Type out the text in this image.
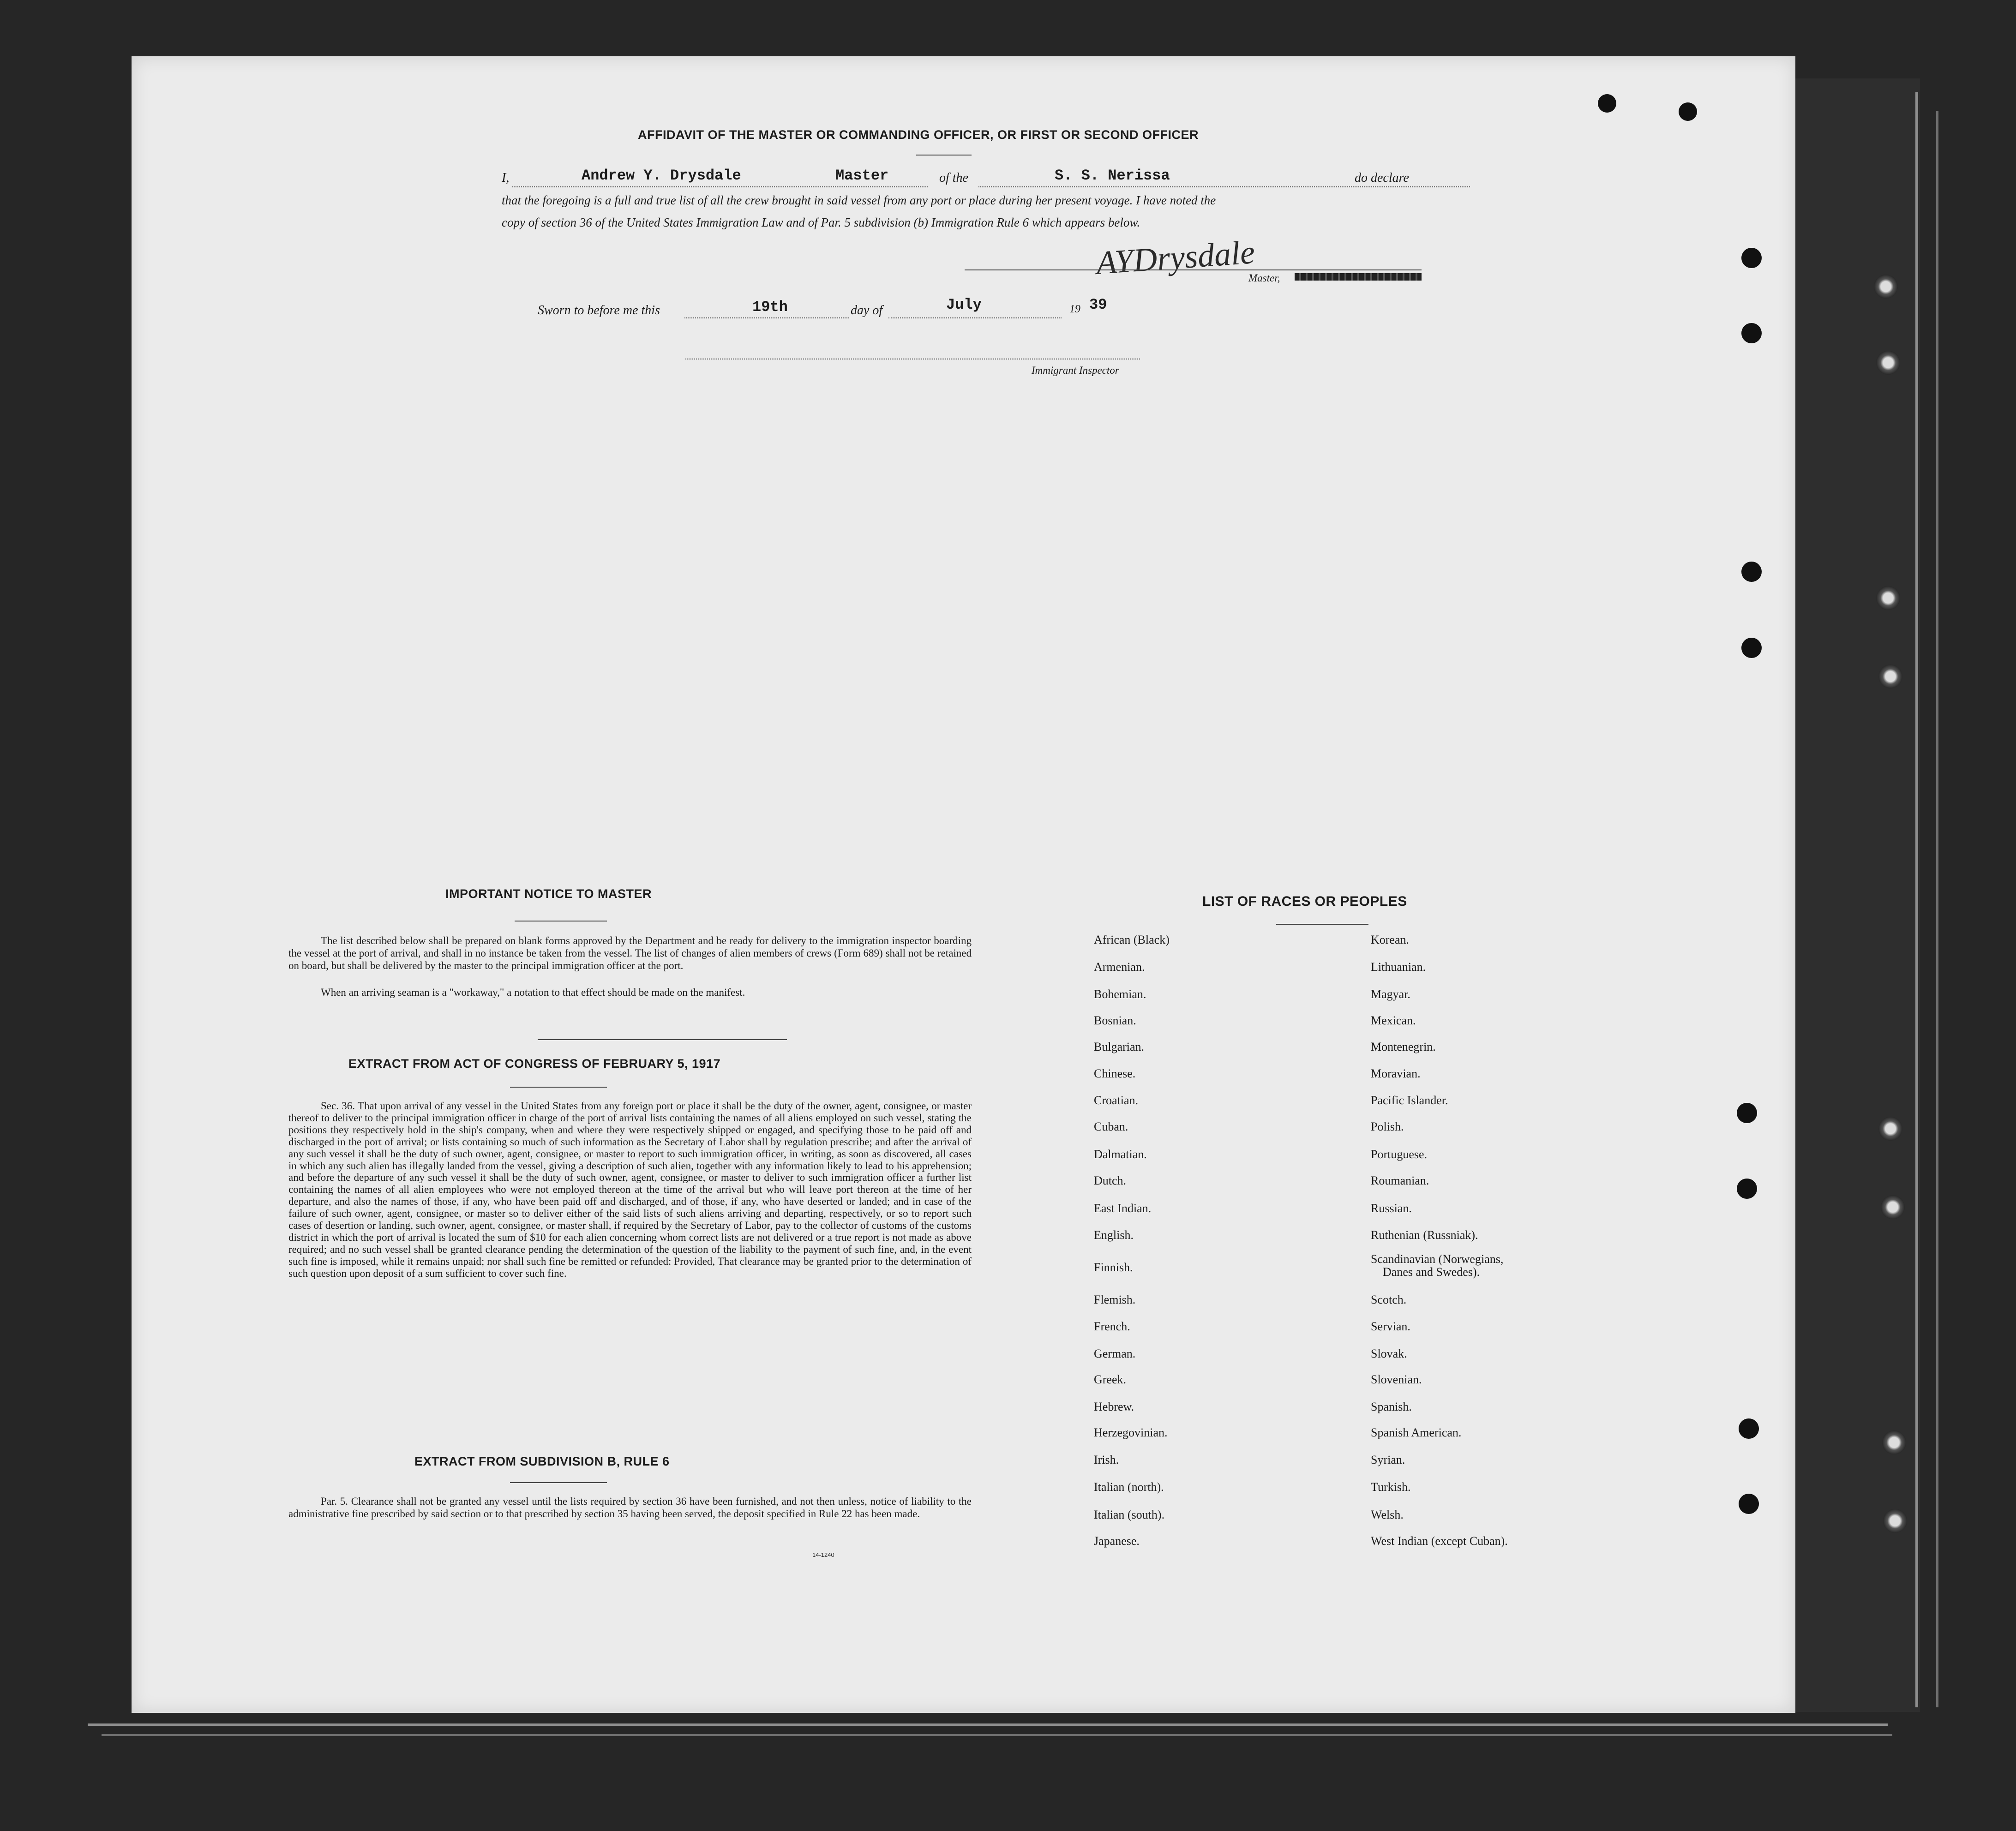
AFFIDAVIT OF THE MASTER OR COMMANDING OFFICER, OR FIRST OR SECOND OFFICER
I,	Andrew Y. Drysdale	Master	of the	S. S. Nerissa	do declare
that the foregoing is a full and true list of all the crew brought in said vessel from any port or place during her present voyage. I have noted the
copy of section 36 of the United States Immigration Law and of Par. 5 subdivision (b) Immigration Rule 6 which appears below.
AYDrysdale
Master,
Sworn to before me this	19th	day of	July	19 39
Immigrant Inspector
IMPORTANT NOTICE TO MASTER
The list described below shall be prepared on blank forms approved by the Department and be ready for delivery to the immigration inspector boarding the vessel at the port of arrival, and shall in no instance be taken from the vessel. The list of changes of alien members of crews (Form 689) shall not be retained on board, but shall be delivered by the master to the principal immigration officer at the port.
When an arriving seaman is a "workaway," a notation to that effect should be made on the manifest.
EXTRACT FROM ACT OF CONGRESS OF FEBRUARY 5, 1917
Sec. 36. That upon arrival of any vessel in the United States from any foreign port or place it shall be the duty of the owner, agent, consignee, or master thereof to deliver to the principal immigration officer in charge of the port of arrival lists containing the names of all aliens employed on such vessel, stating the positions they respectively hold in the ship's company, when and where they were respectively shipped or engaged, and specifying those to be paid off and discharged in the port of arrival; or lists containing so much of such information as the Secretary of Labor shall by regulation prescribe; and after the arrival of any such vessel it shall be the duty of such owner, agent, consignee, or master to report to such immigration officer, in writing, as soon as discovered, all cases in which any such alien has illegally landed from the vessel, giving a description of such alien, together with any information likely to lead to his apprehension; and before the departure of any such vessel it shall be the duty of such owner, agent, consignee, or master to deliver to such immigration officer a further list containing the names of all alien employees who were not employed thereon at the time of the arrival but who will leave port thereon at the time of her departure, and also the names of those, if any, who have been paid off and discharged, and of those, if any, who have deserted or landed; and in case of the failure of such owner, agent, consignee, or master so to deliver either of the said lists of such aliens arriving and departing, respectively, or so to report such cases of desertion or landing, such owner, agent, consignee, or master shall, if required by the Secretary of Labor, pay to the collector of customs of the customs district in which the port of arrival is located the sum of $10 for each alien concerning whom correct lists are not delivered or a true report is not made as above required; and no such vessel shall be granted clearance pending the determination of the question of the liability to the payment of such fine, and, in the event such fine is imposed, while it remains unpaid; nor shall such fine be remitted or refunded: Provided, That clearance may be granted prior to the determination of such question upon deposit of a sum sufficient to cover such fine.
EXTRACT FROM SUBDIVISION B, RULE 6
Par. 5. Clearance shall not be granted any vessel until the lists required by section 36 have been furnished, and not then unless, notice of liability to the administrative fine prescribed by said section or to that prescribed by section 35 having been served, the deposit specified in Rule 22 has been made.
14-1240
LIST OF RACES OR PEOPLES
African (Black)
Armenian.
Bohemian.
Bosnian.
Bulgarian.
Chinese.
Croatian.
Cuban.
Dalmatian.
Dutch.
East Indian.
English.
Finnish.
Flemish.
French.
German.
Greek.
Hebrew.
Herzegovinian.
Irish.
Italian (north).
Italian (south).
Japanese.
Korean.
Lithuanian.
Magyar.
Mexican.
Montenegrin.
Moravian.
Pacific Islander.
Polish.
Portuguese.
Roumanian.
Russian.
Ruthenian (Russniak).
Scandinavian (Norwegians,
Danes and Swedes).
Scotch.
Servian.
Slovak.
Slovenian.
Spanish.
Spanish American.
Syrian.
Turkish.
Welsh.
West Indian (except Cuban).
